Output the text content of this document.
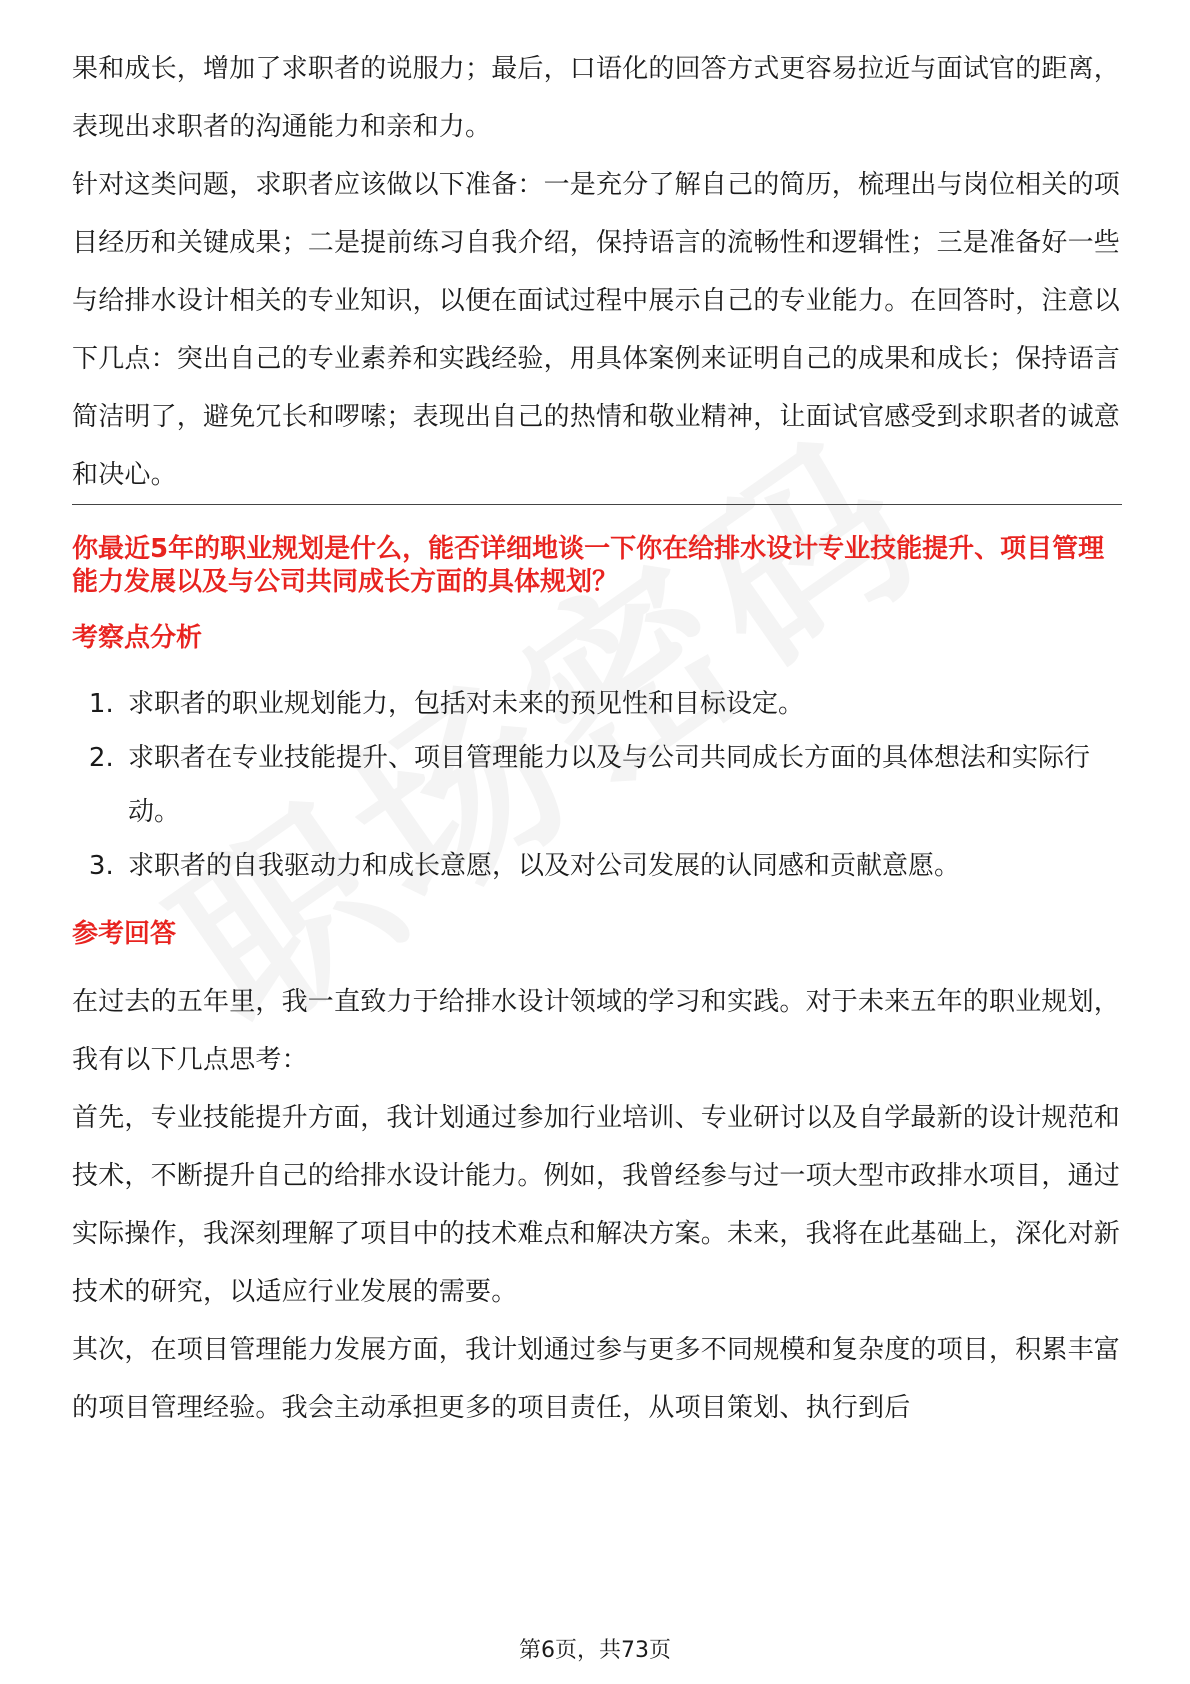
果和成长，增加了求职者的说服力；最后，口语化的回答方式更容易拉近与面试官的距离，表现出求职者的沟通能力和亲和力。

针对这类问题，求职者应该做以下准备：一是充分了解自己的简历，梳理出与岗位相关的项目经历和关键成果；二是提前练习自我介绍，保持语言的流畅性和逻辑性；三是准备好一些与给排水设计相关的专业知识，以便在面试过程中展示自己的专业能力。在回答时，注意以下几点：突出自己的专业素养和实践经验，用具体案例来证明自己的成果和成长；保持语言简洁明了，避免冗长和啰嗦；表现出自己的热情和敬业精神，让面试官感受到求职者的诚意和决心。

你最近5年的职业规划是什么，能否详细地谈一下你在给排水设计专业技能提升、项目管理能力发展以及与公司共同成长方面的具体规划？
考察点分析
1. 求职者的职业规划能力，包括对未来的预见性和目标设定。
2. 求职者在专业技能提升、项目管理能力以及与公司共同成长方面的具体想法和实际行动。
3. 求职者的自我驱动力和成长意愿，以及对公司发展的认同感和贡献意愿。
参考回答

在过去的五年里，我一直致力于给排水设计领域的学习和实践。对于未来五年的职业规划，我有以下几点思考：

首先，专业技能提升方面，我计划通过参加行业培训、专业研讨以及自学最新的设计规范和技术，不断提升自己的给排水设计能力。例如，我曾经参与过一项大型市政排水项目，通过实际操作，我深刻理解了项目中的技术难点和解决方案。未来，我将在此基础上，深化对新技术的研究，以适应行业发展的需要。

其次，在项目管理能力发展方面，我计划通过参与更多不同规模和复杂度的项目，积累丰富的项目管理经验。我会主动承担更多的项目责任，从项目策划、执行到后

第6页，共73页
